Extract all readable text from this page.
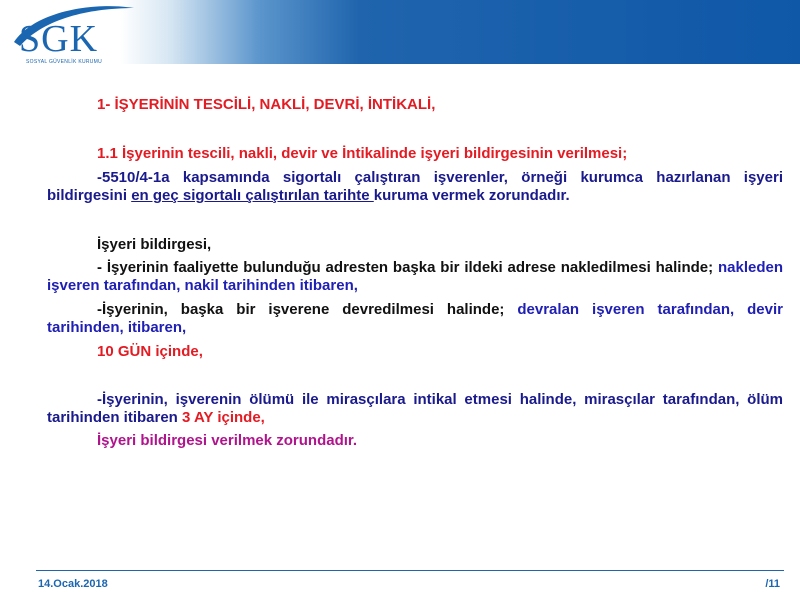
SGK
SOSYAL GÜVENLİK KURUMU

1- İŞYERİNİN TESCİLİ, NAKLİ, DEVRİ, İNTİKALİ,

1.1 İşyerinin tescili, nakli, devir ve İntikalinde işyeri bildirgesinin verilmesi;

-5510/4-1a kapsamında sigortalı çalıştıran işverenler, örneği kurumca hazırlanan işyeri bildirgesini en geç sigortalı çalıştırılan tarihte kuruma vermek zorundadır.

İşyeri bildirgesi,

- İşyerinin faaliyette bulunduğu adresten başka bir ildeki adrese nakledilmesi halinde; nakleden işveren tarafından, nakil tarihinden itibaren,

-İşyerinin, başka bir işverene devredilmesi halinde; devralan işveren tarafından, devir tarihinden, itibaren,

10 GÜN içinde,

-İşyerinin, işverenin ölümü ile mirasçılara intikal etmesi halinde, mirasçılar tarafından, ölüm tarihinden itibaren 3 AY içinde,

İşyeri bildirgesi verilmek zorundadır.

14.Ocak.2018	/11
